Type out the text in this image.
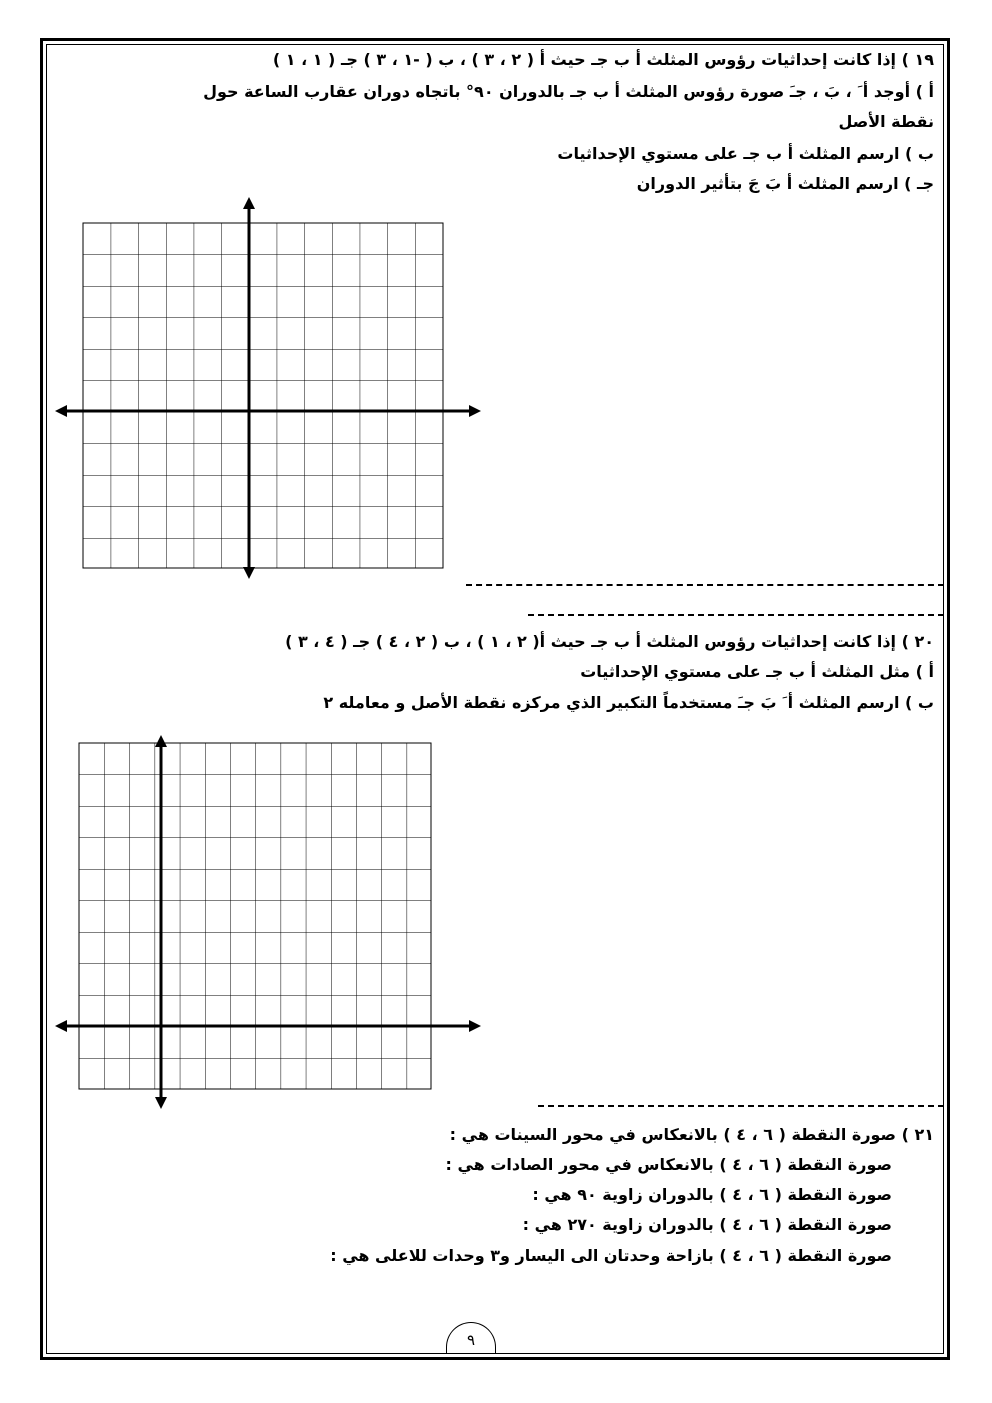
١٩ ) إذا كانت إحداثيات رؤوس المثلث أ ب جـ حيث أ ( ٢ ، ٣ ) ، ب ( -١ ، ٣ ) جـ ( ١ ، ١ )
أ ) أوجد أ َ ، بَ ، جـَ صورة رؤوس المثلث أ ب جـ بالدوران ٩٠° باتجاه دوران عقارب الساعة حول
نقطة الأصل
ب ) ارسم المثلث أ ب جـ على مستوي الإحداثيات
جـ ) ارسم المثلث أ بَ جَ بتأثير الدوران
٢٠ ) إذا كانت إحداثيات رؤوس المثلث أ ب جـ حيث أ( ٢ ، ١ ) ، ب ( ٢ ، ٤ ) جـ ( ٤ ، ٣ )
أ ) مثل المثلث أ ب جـ على مستوي الإحداثيات
ب ) ارسم المثلث أ َ بَ جـَ مستخدماً التكبير الذي مركزه نقطة الأصل و معامله ٢
٢١ ) صورة النقطة ( ٦ ، ٤ ) بالانعكاس في محور السينات هي :
صورة النقطة ( ٦ ، ٤ ) بالانعكاس في محور الصادات هي :
صورة النقطة ( ٦ ، ٤ ) بالدوران زاوية ٩٠ هي :
صورة النقطة ( ٦ ، ٤ ) بالدوران زاوية ٢٧٠ هي :
صورة النقطة ( ٦ ، ٤ ) بازاحة وحدتان الى اليسار و٣ وحدات للاعلى هي :
٩
